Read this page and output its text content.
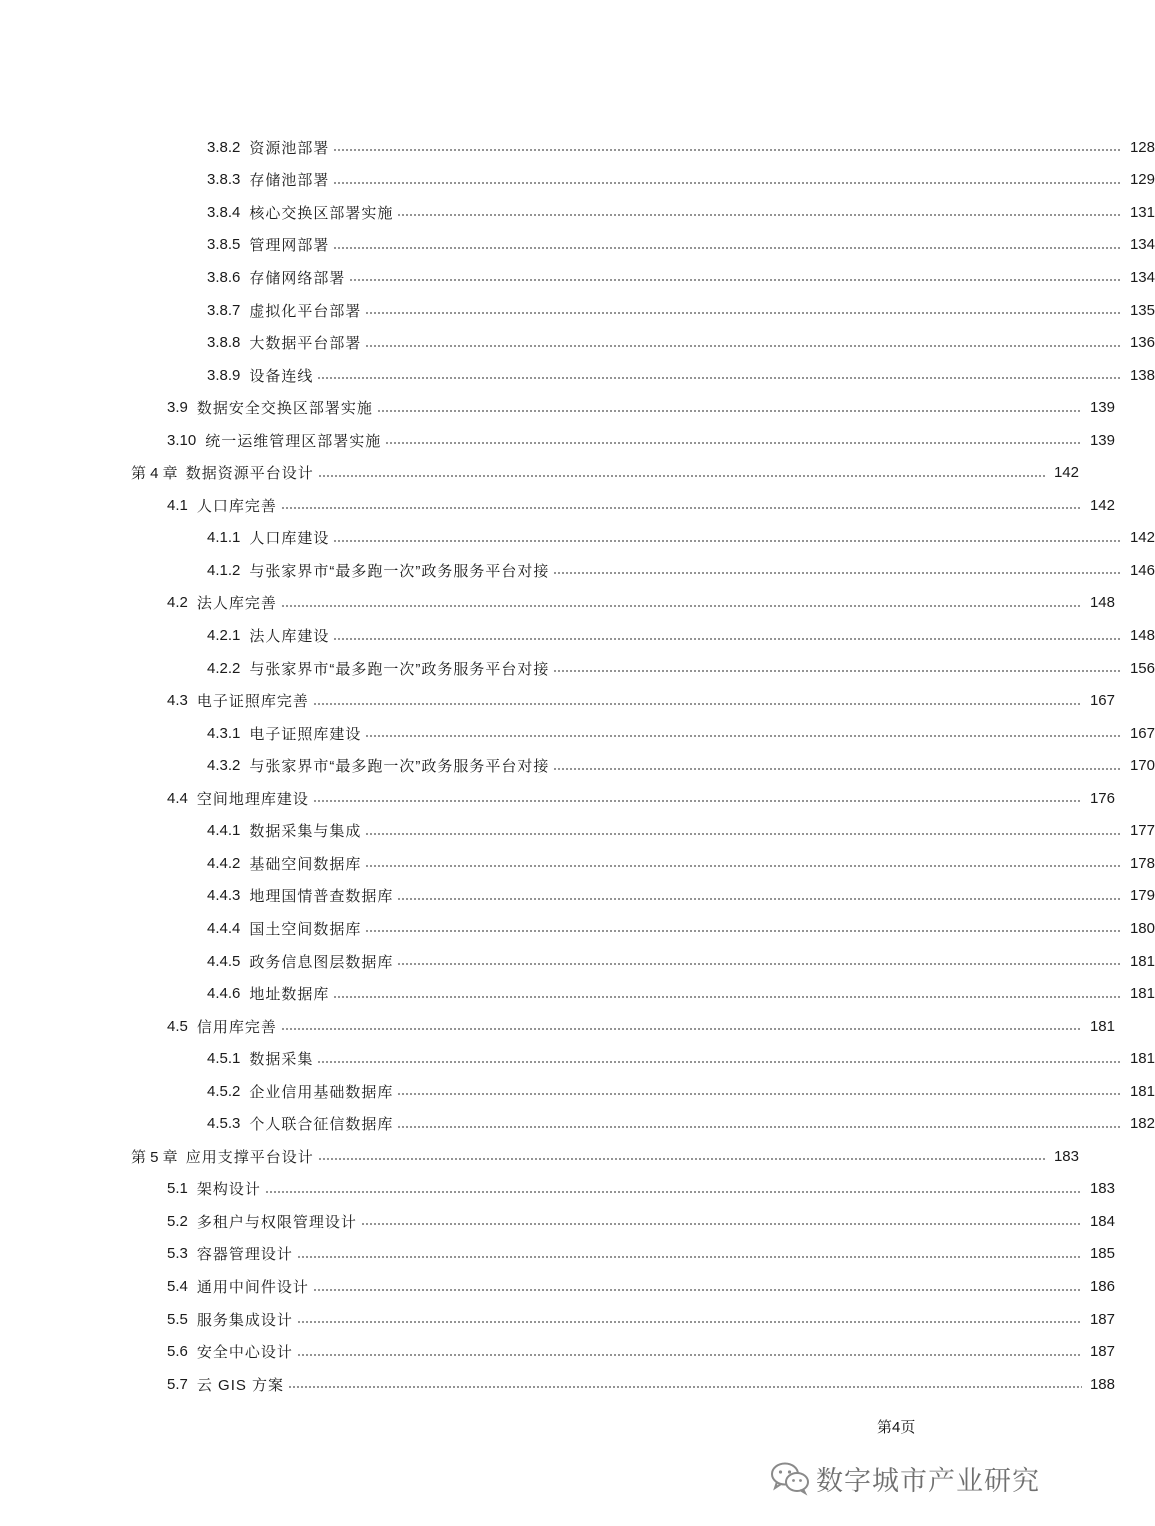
3.8.2 资源池部署	128
3.8.3 存储池部署	129
3.8.4 核心交换区部署实施	131
3.8.5 管理网部署	134
3.8.6 存储网络部署	134
3.8.7 虚拟化平台部署	135
3.8.8 大数据平台部署	136
3.8.9 设备连线	138
3.9 数据安全交换区部署实施	139
3.10 统一运维管理区部署实施	139
第 4 章 数据资源平台设计	142
4.1 人口库完善	142
4.1.1 人口库建设	142
4.1.2 与张家界市“最多跑一次”政务服务平台对接	146
4.2 法人库完善	148
4.2.1 法人库建设	148
4.2.2 与张家界市“最多跑一次”政务服务平台对接	156
4.3 电子证照库完善	167
4.3.1 电子证照库建设	167
4.3.2 与张家界市“最多跑一次”政务服务平台对接	170
4.4 空间地理库建设	176
4.4.1 数据采集与集成	177
4.4.2 基础空间数据库	178
4.4.3 地理国情普查数据库	179
4.4.4 国土空间数据库	180
4.4.5 政务信息图层数据库	181
4.4.6 地址数据库	181
4.5 信用库完善	181
4.5.1 数据采集	181
4.5.2 企业信用基础数据库	181
4.5.3 个人联合征信数据库	182
第 5 章 应用支撑平台设计	183
5.1 架构设计	183
5.2 多租户与权限管理设计	184
5.3 容器管理设计	185
5.4 通用中间件设计	186
5.5 服务集成设计	187
5.6 安全中心设计	187
5.7 云 GIS 方案	188
第4页
数字城市产业研究
